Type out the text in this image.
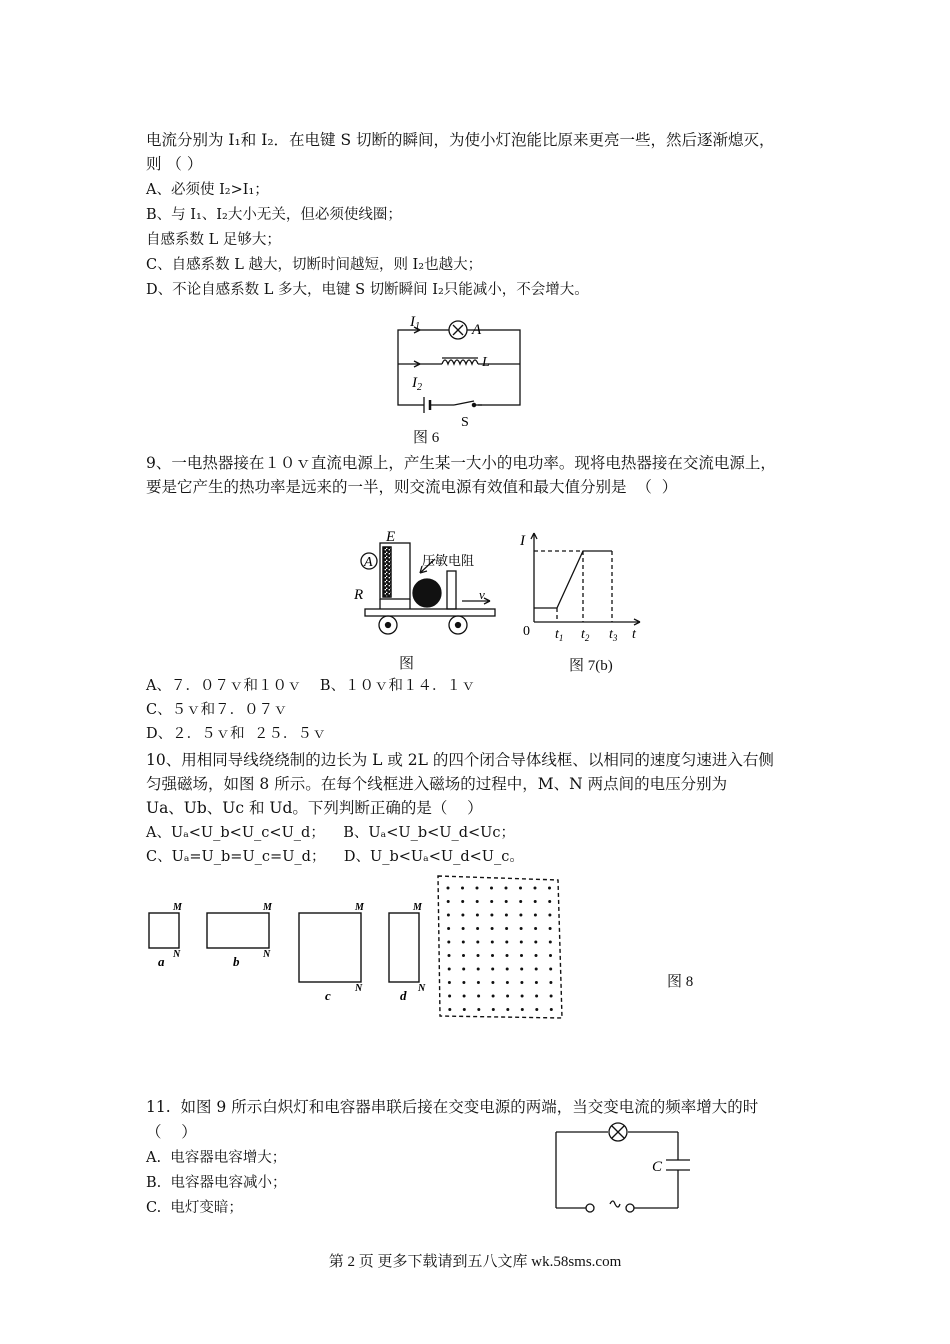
电流分别为 I₁和 I₂．在电键 S 切断的瞬间，为使小灯泡能比原来更亮一些，然后逐渐熄灭，
则 （ ）
A、必须使 I₂>I₁；
B、与 I₁、I₂大小无关，但必须使线圈；
自感系数 L 足够大；
C、自感系数 L 越大，切断时间越短，则 I₂也越大；
D、不论自感系数 L 多大，电键 S 切断瞬间 I₂只能减小，不会增大。
$I_1$	A
L
$I_2$
S
图 6
9、一电热器接在１０ｖ直流电源上，产生某一大小的电功率。现将电热器接在交流电源上，
要是它产生的热功率是远来的一半，则交流电源有效值和最大值分别是  （  ）
E
A
R
压敏电阻
v
图
I
0 $t_1$ $t_2$ $t_3$ t
图 7(b)
A、７．０７ｖ和１０ｖ    B、１０ｖ和１４．１ｖ
C、５ｖ和７．０７ｖ
D、２．５ｖ和  ２５．５ｖ
10、用相同导线绕绕制的边长为 L 或 2L 的四个闭合导体线框、以相同的速度匀速进入右侧
匀强磁场，如图 8 所示。在每个线框进入磁场的过程中，M、N 两点间的电压分别为
Ua、Ub、Uc 和 Ud。下列判断正确的是（    ）
A、Uₐ<U_b<U_c<U_d；    B、Uₐ<U_b<U_d<Uc；
C、Uₐ=U_b=U_c=U_d；    D、U_b<Uₐ<U_d<U_c。
M
N
M
N
M
N
M
N
a	b
c	d
图 8
11.  如图 9 所示白炽灯和电容器串联后接在交变电源的两端，当交变电流的频率增大的时
（    ）
A.  电容器电容增大；
B.  电容器电容减小；
C.  电灯变暗；
C
第 2 页 更多下载请到五八文库 wk.58sms.com
